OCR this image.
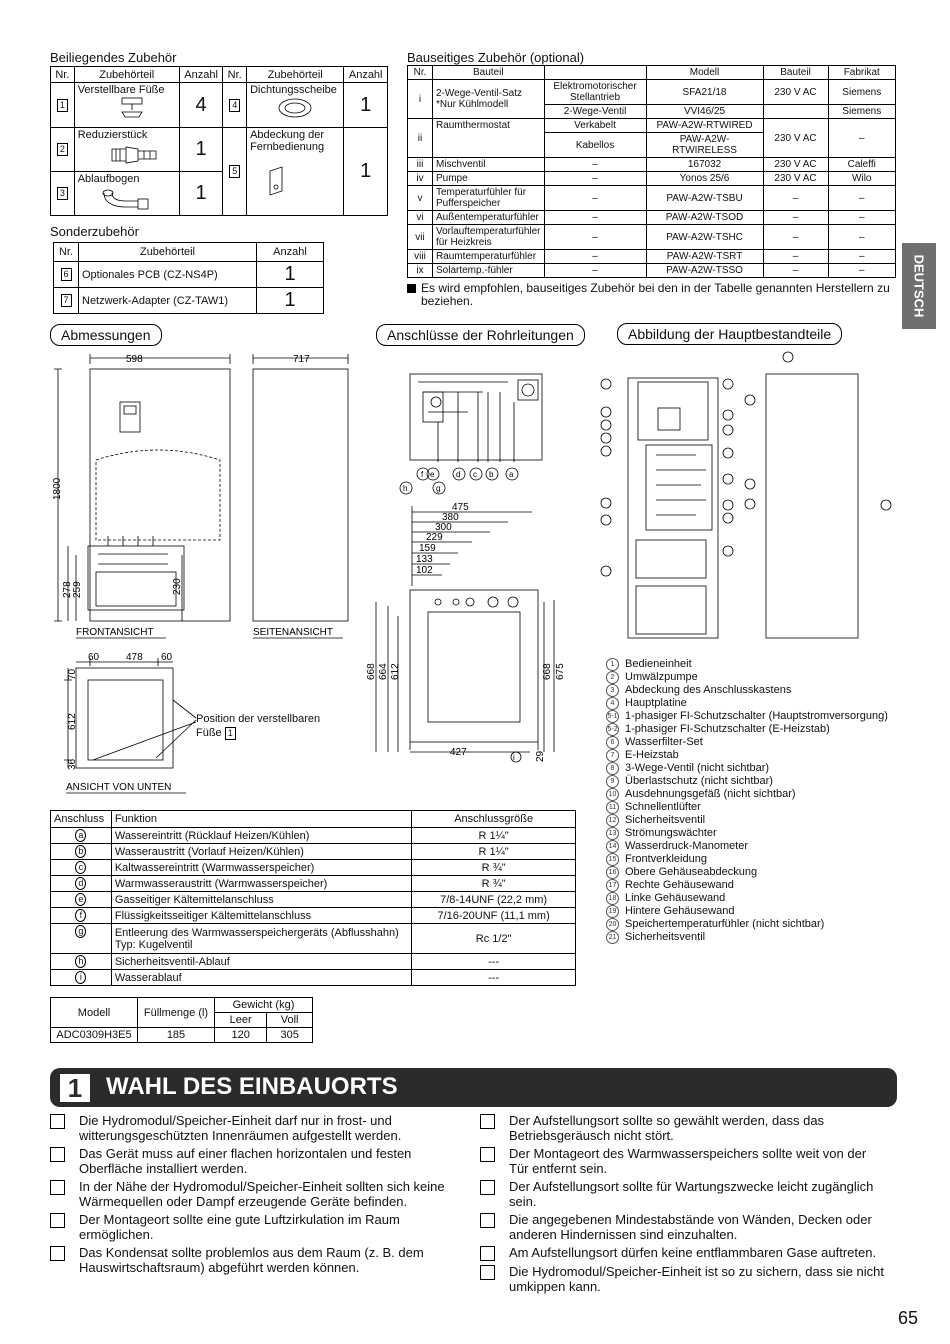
Beiliegendes Zubehör
Nr.	Zubehörteil	Anzahl	Nr.	Zubehörteil	Anzahl
1	Verstellbare Füße	4	4	Dichtungsscheibe	1
2	Reduzierstück	1	5	Abdeckung der Fernbedienung	1
3	Ablaufbogen	1			
Sonderzubehör
Nr.	Zubehörteil	Anzahl
6	Optionales PCB (CZ-NS4P)	1
7	Netzwerk-Adapter (CZ-TAW1)	1
Bauseitiges Zubehör (optional)
Nr.	Bauteil		Modell	Bauteil	Fabrikat
i	2-Wege-Ventil-Satz *Nur Kühlmodell	Elektromotorischer Stellantrieb	SFA21/18	230 V AC	Siemens
		2-Wege-Ventil	VVI46/25		Siemens
ii	Raumthermostat	Verkabelt	PAW-A2W-RTWIRED	230 V AC	–
		Kabellos	PAW-A2W-RTWIRELESS		
iii	Mischventil	–	167032	230 V AC	Caleffi
iv	Pumpe	–	Yonos 25/6	230 V AC	Wilo
v	Temperaturfühler für Pufferspeicher	–	PAW-A2W-TSBU	–	–
vi	Außentemperaturfühler	–	PAW-A2W-TSOD	–	–
vii	Vorlauftemperaturfühler für Heizkreis	–	PAW-A2W-TSHC	–	–
viii	Raumtemperaturfühler	–	PAW-A2W-TSRT	–	–
ix	Solartemp.-fühler	–	PAW-A2W-TSSO	–	–
Es wird empfohlen, bauseitiges Zubehör bei den in der Tabelle genannten Herstellern zu beziehen.	DEUTSCH
Abmessungen	Anschlüsse der Rohrleitungen	Abbildung der Hauptbestandteile
598
1800
278 259	230
FRONTANSICHT
717
SEITENANSICHT
60	478 60
70
612
36
ANSICHT VON UNTEN
Position der verstellbaren Füße 1
h
f e
g
d c b a
475
380
300
229
159
133
102
668 664 612	668 675
427	29
i
1 Bedieneinheit
2 Umwälzpumpe
3 Abdeckung des Anschlusskastens
4 Hauptplatine
5-1 1-phasiger FI-Schutzschalter (Hauptstromversorgung)
5-2 1-phasiger FI-Schutzschalter (E-Heizstab)
6 Wasserfilter-Set
7 E-Heizstab
8 3-Wege-Ventil (nicht sichtbar)
9 Überlastschutz (nicht sichtbar)
10 Ausdehnungsgefäß (nicht sichtbar)
11 Schnellentlüfter
12 Sicherheitsventil
13 Strömungswächter
14 Wasserdruck-Manometer
15 Frontverkleidung
16 Obere Gehäuseabdeckung
17 Rechte Gehäusewand
18 Linke Gehäusewand
19 Hintere Gehäusewand
20 Speichertemperaturfühler (nicht sichtbar)
21 Sicherheitsventil
Anschluss	Funktion	Anschlussgröße
a	Wassereintritt (Rücklauf Heizen/Kühlen)	R 1¼"
b	Wasseraustritt (Vorlauf Heizen/Kühlen)	R 1¼"
c	Kaltwassereintritt (Warmwasserspeicher)	R ¾"
d	Warmwasseraustritt (Warmwasserspeicher)	R ¾"
e	Gasseitiger Kältemittelanschluss	7/8-14UNF (22,2 mm)
f	Flüssigkeitsseitiger Kältemittelanschluss	7/16-20UNF (11,1 mm)
g	Entleerung des Warmwasserspeichergeräts (Abflusshahn) Typ: Kugelventil	Rc 1/2"
h	Sicherheitsventil-Ablauf	---
i	Wasserablauf	---
Modell	Füllmenge (l)	Gewicht (kg)	
		Leer	Voll
ADC0309H3E5	185	120	305
1 WAHL DES EINBAUORTS
Die Hydromodul/Speicher-Einheit darf nur in frost- und witterungsgeschützten Innenräumen aufgestellt werden.
Das Gerät muss auf einer flachen horizontalen und festen Oberfläche installiert werden.
In der Nähe der Hydromodul/Speicher-Einheit sollten sich keine Wärmequellen oder Dampf erzeugende Geräte befinden.
Der Montageort sollte eine gute Luftzirkulation im Raum ermöglichen.
Das Kondensat sollte problemlos aus dem Raum (z. B. dem Hauswirtschaftsraum) abgeführt werden können.
Der Aufstellungsort sollte so gewählt werden, dass das Betriebsgeräusch nicht stört.
Der Montageort des Warmwasserspeichers sollte weit von der Tür entfernt sein.
Der Aufstellungsort sollte für Wartungszwecke leicht zugänglich sein.
Die angegebenen Mindestabstände von Wänden, Decken oder anderen Hindernissen sind einzuhalten.
Am Aufstellungsort dürfen keine entflammbaren Gase auftreten.
Die Hydromodul/Speicher-Einheit ist so zu sichern, dass sie nicht umkippen kann.
65
